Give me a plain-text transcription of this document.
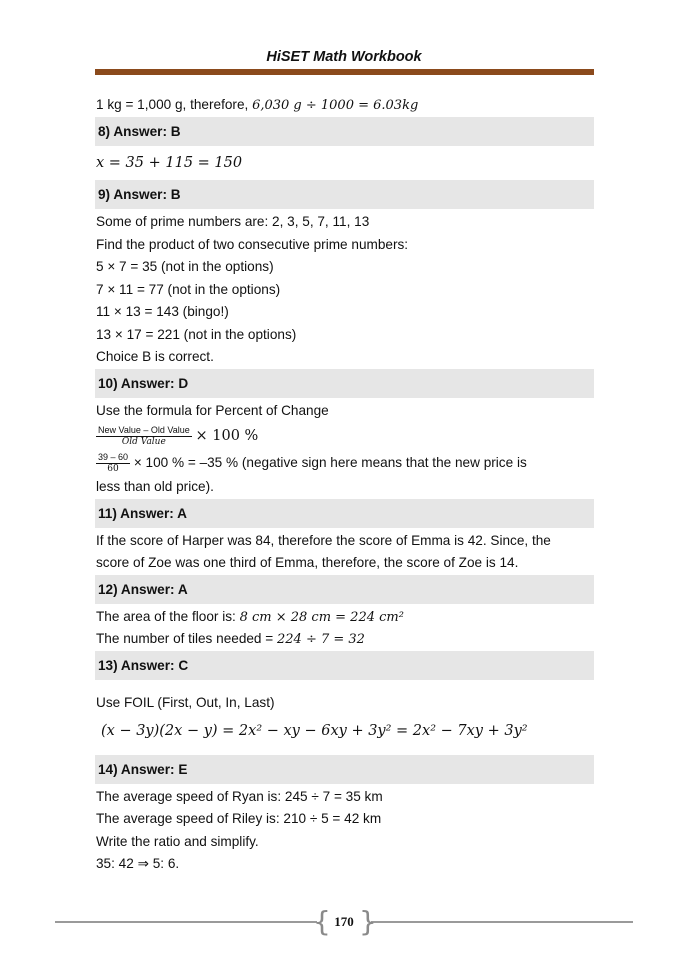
HiSET Math Workbook
1 kg = 1,000 g, therefore, 6,030 g ÷ 1000 = 6.03kg
8) Answer: B
x = 35 + 115 = 150
9) Answer: B
Some of prime numbers are: 2, 3, 5, 7, 11, 13
Find the product of two consecutive prime numbers:
5 × 7 = 35 (not in the options)
7 × 11 = 77 (not in the options)
11 × 13 = 143 (bingo!)
13 × 17 = 221 (not in the options)
Choice B is correct.
10) Answer: D
Use the formula for Percent of Change
$\frac{\text{New Value – Old Value}}{\text{Old Value}} \times 100$ %
$\frac{39 - 60}{60} \times 100$ % = –35 % (negative sign here means that the new price is
less than old price).
11) Answer: A
If the score of Harper was 84, therefore the score of Emma is 42. Since, the
score of Zoe was one third of Emma, therefore, the score of Zoe is 14.
12) Answer: A
The area of the floor is: 8 cm × 28 cm = 224 cm²
The number of tiles needed = 224 ÷ 7 = 32
13) Answer: C
Use FOIL (First, Out, In, Last)
(x − 3y)(2x − y) = 2x² − xy − 6xy + 3y² = 2x² − 7xy + 3y²
14) Answer: E
The average speed of Ryan is: 245 ÷ 7 = 35 km
The average speed of Riley is: 210 ÷ 5 = 42 km
Write the ratio and simplify.
35: 42 ⇒ 5: 6.
{ }
170
